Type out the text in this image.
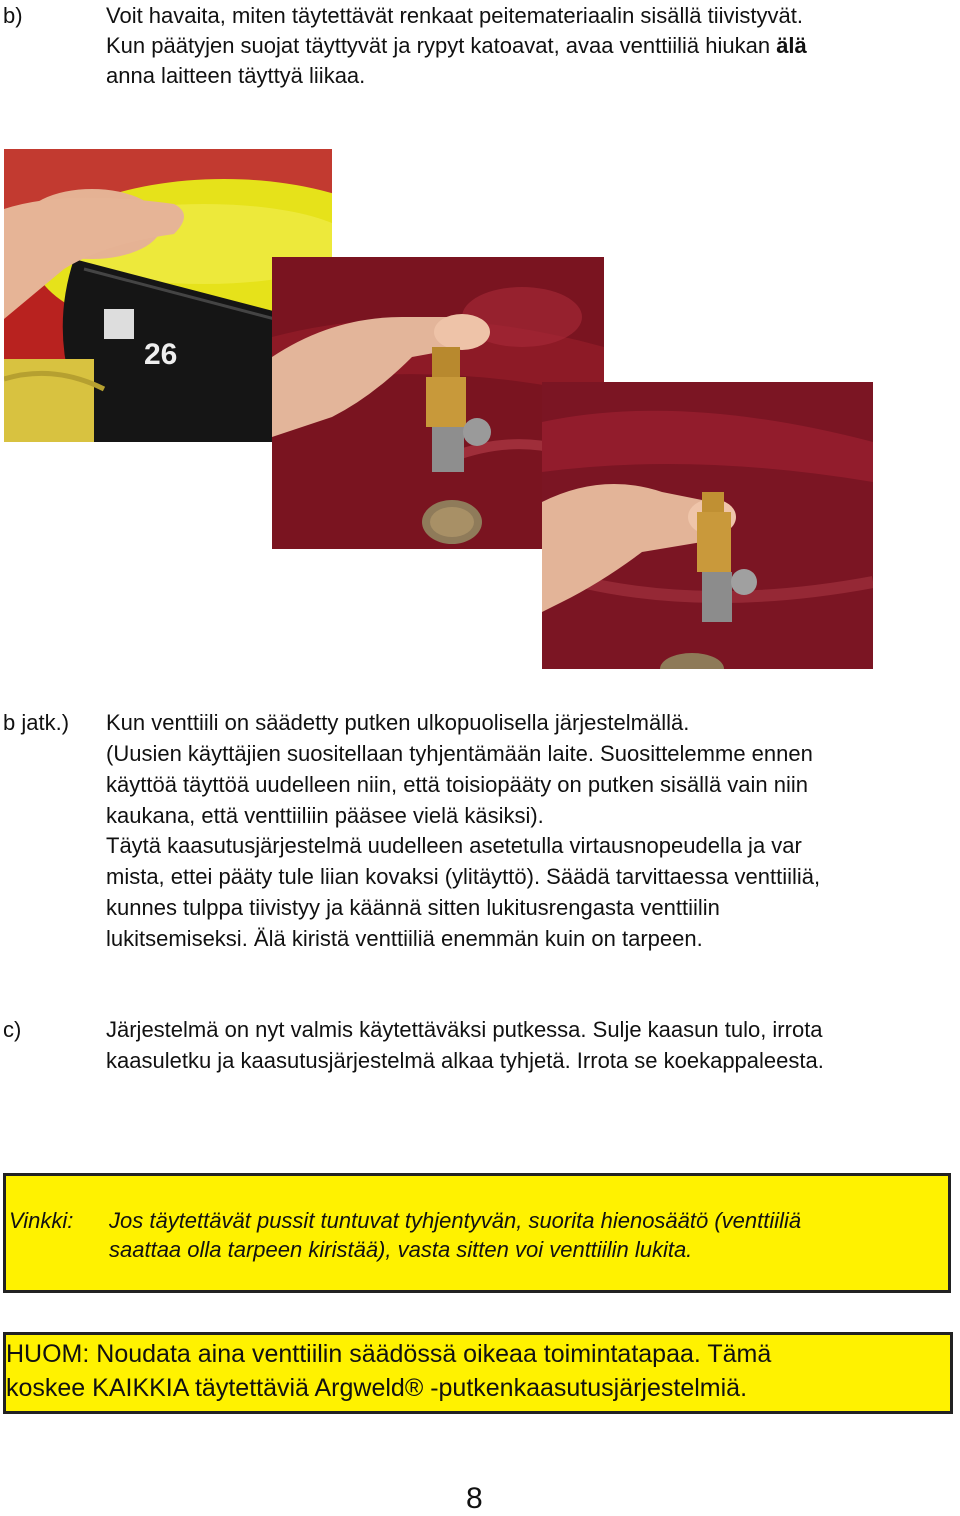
b)	Voit havaita, miten täytettävät renkaat peitemateriaalin sisällä tiivistyvät.

Kun päätyjen suojat täyttyvät ja rypyt katoavat, avaa venttiiliä hiukan älä

anna laitteen täyttyä liikaa.

26
b jatk.) Kun venttiili on säädetty putken ulkopuolisella järjestelmällä.

(Uusien käyttäjien suositellaan tyhjentämään laite. Suosittelemme ennen

käyttöä täyttöä uudelleen niin, että toisiopääty on putken sisällä vain niin

kaukana, että venttiiliin pääsee vielä käsiksi).

Täytä kaasutusjärjestelmä uudelleen asetetulla virtausnopeudella ja var

mista, ettei pääty tule liian kovaksi (ylitäyttö). Säädä tarvittaessa venttiiliä,

kunnes tulppa tiivistyy ja käännä sitten lukitusrengasta venttiilin

lukitsemiseksi. Älä kiristä venttiiliä enemmän kuin on tarpeen.

c)	Järjestelmä on nyt valmis käytettäväksi putkessa. Sulje kaasun tulo, irrota

kaasuletku ja kaasutusjärjestelmä alkaa tyhjetä. Irrota se koekappaleesta.

Vinkki: Jos täytettävät pussit tuntuvat tyhjentyvän, suorita hienosäätö (venttiiliä
saattaa olla tarpeen kiristää), vasta sitten voi venttiilin lukita.
HUOM: Noudata aina venttiilin säädössä oikeaa toimintatapaa. Tämä
koskee KAIKKIA täytettäviä Argweld® -putkenkaasutusjärjestelmiä.
8
